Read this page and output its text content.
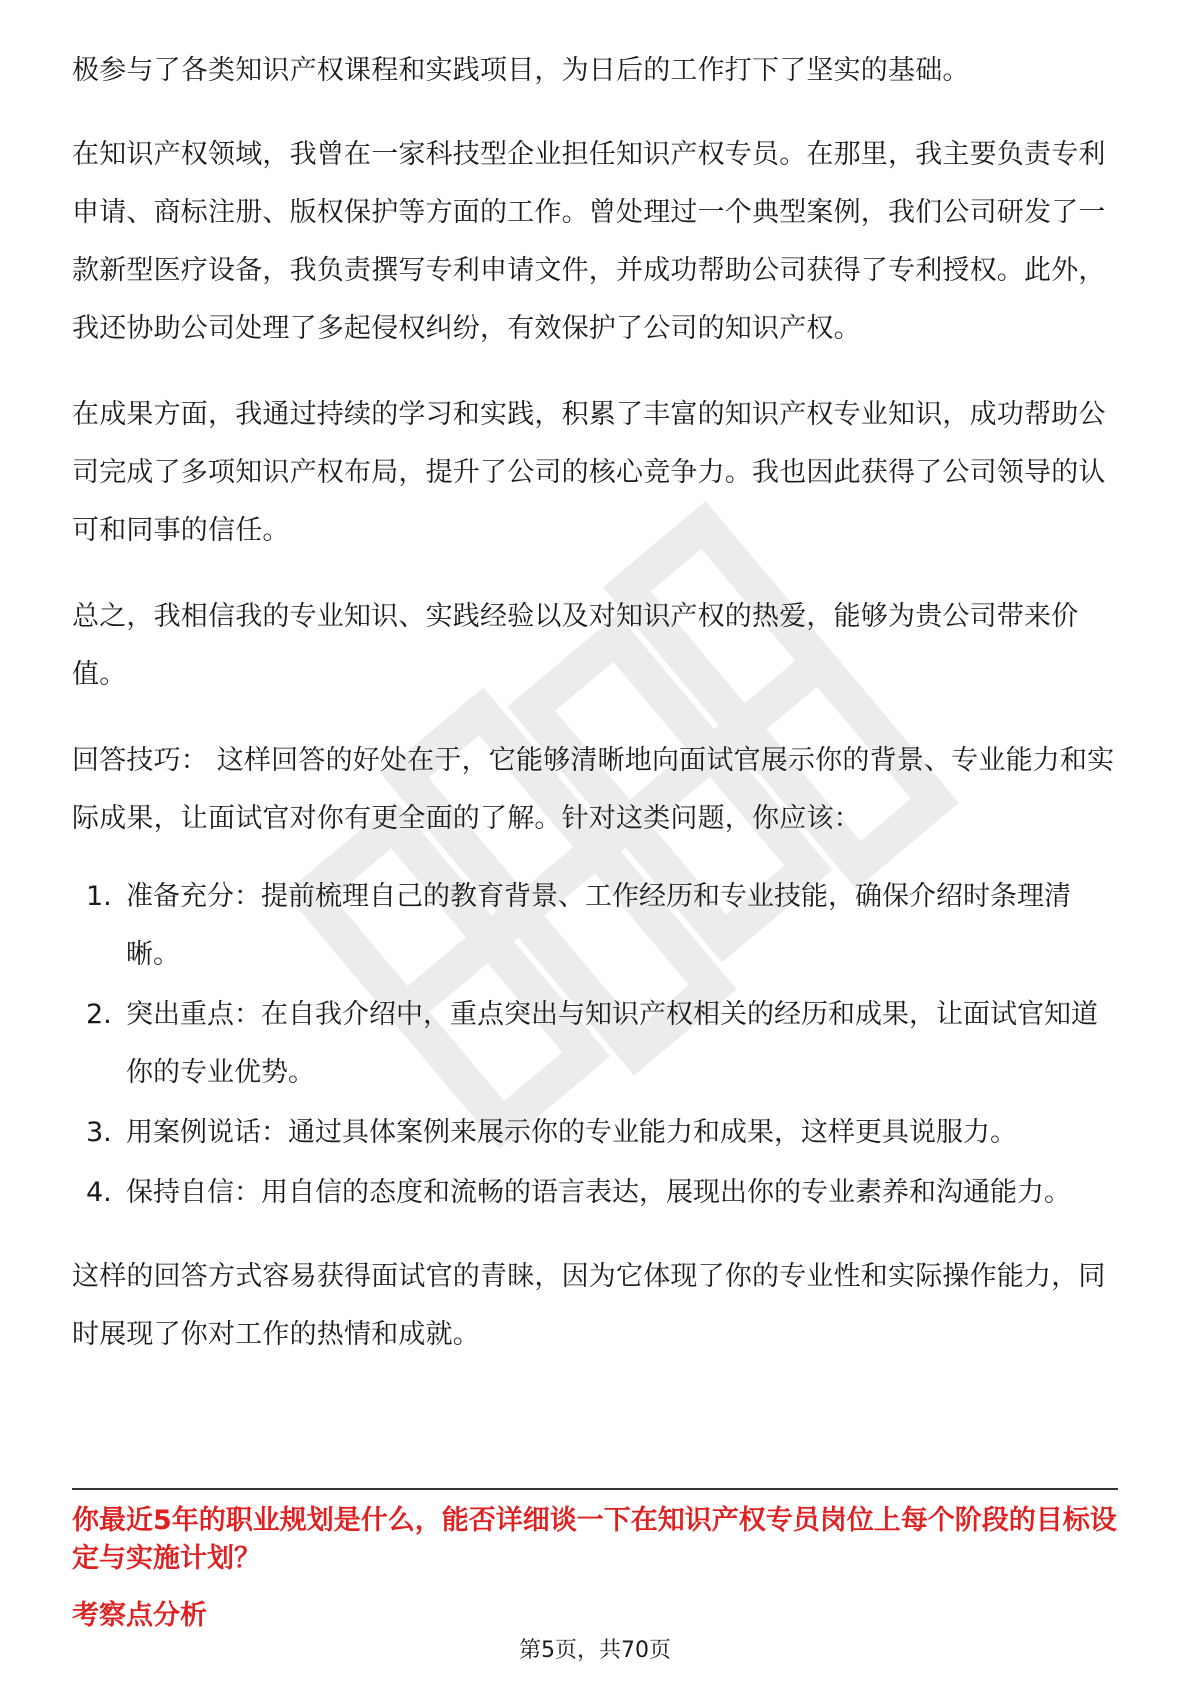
极参与了各类知识产权课程和实践项目，为日后的工作打下了坚实的基础。

在知识产权领域，我曾在一家科技型企业担任知识产权专员。在那里，我主要负责专利申请、商标注册、版权保护等方面的工作。曾处理过一个典型案例，我们公司研发了一款新型医疗设备，我负责撰写专利申请文件，并成功帮助公司获得了专利授权。此外，我还协助公司处理了多起侵权纠纷，有效保护了公司的知识产权。

在成果方面，我通过持续的学习和实践，积累了丰富的知识产权专业知识，成功帮助公司完成了多项知识产权布局，提升了公司的核心竞争力。我也因此获得了公司领导的认可和同事的信任。

总之，我相信我的专业知识、实践经验以及对知识产权的热爱，能够为贵公司带来价值。

回答技巧： 这样回答的好处在于，它能够清晰地向面试官展示你的背景、专业能力和实际成果，让面试官对你有更全面的了解。针对这类问题，你应该：

1. 准备充分：提前梳理自己的教育背景、工作经历和专业技能，确保介绍时条理清晰。
2. 突出重点：在自我介绍中，重点突出与知识产权相关的经历和成果，让面试官知道你的专业优势。
3. 用案例说话：通过具体案例来展示你的专业能力和成果，这样更具说服力。
4. 保持自信：用自信的态度和流畅的语言表达，展现出你的专业素养和沟通能力。

这样的回答方式容易获得面试官的青睐，因为它体现了你的专业性和实际操作能力，同时展现了你对工作的热情和成就。

你最近5年的职业规划是什么，能否详细谈一下在知识产权专员岗位上每个阶段的目标设定与实施计划？
考察点分析
第5页，共70页
